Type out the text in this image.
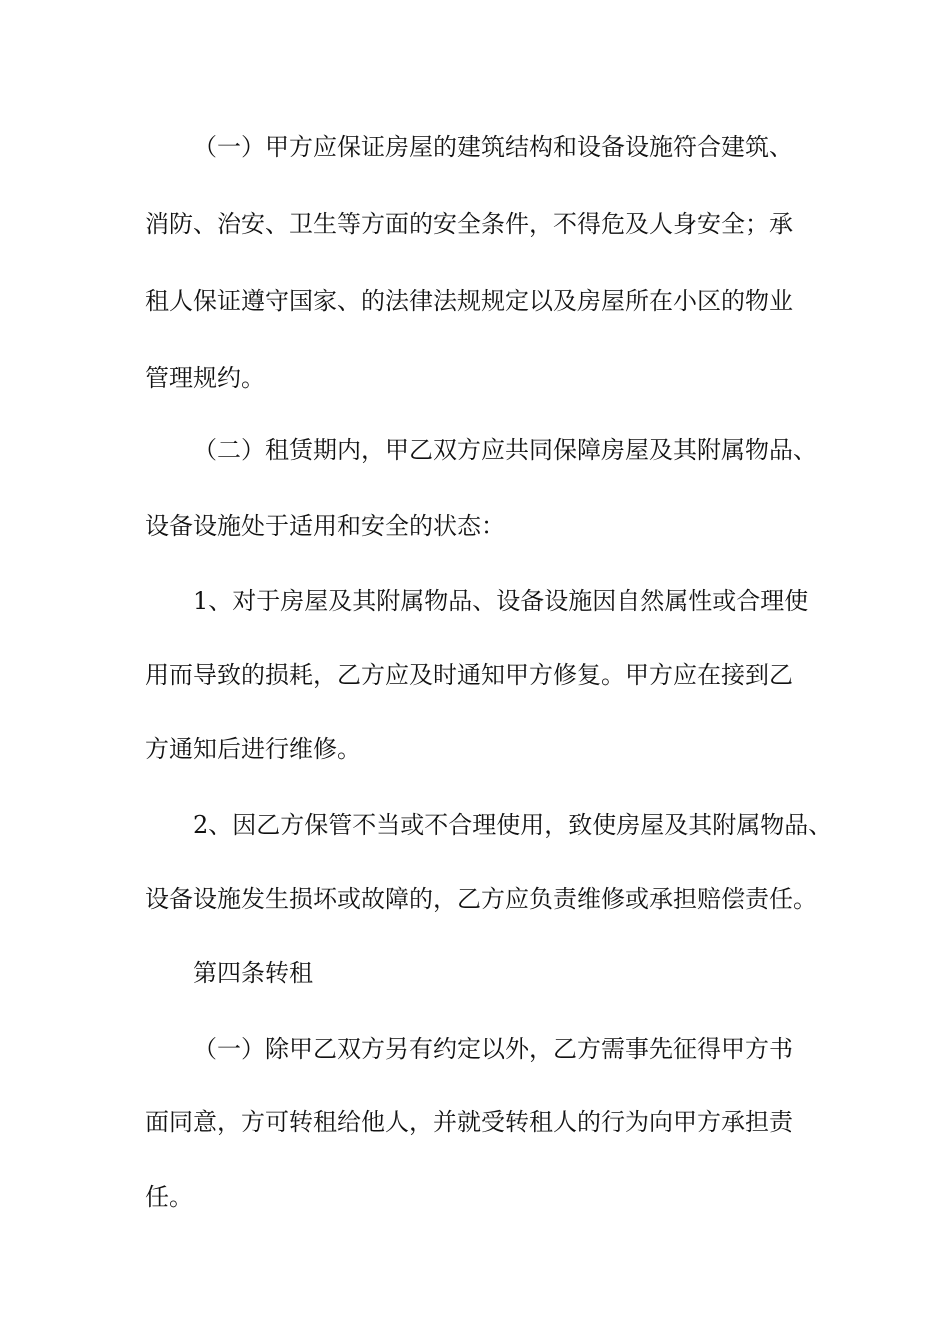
（一）甲方应保证房屋的建筑结构和设备设施符合建筑、

消防、治安、卫生等方面的安全条件，不得危及人身安全；承

租人保证遵守国家、的法律法规规定以及房屋所在小区的物业

管理规约。

（二）租赁期内，甲乙双方应共同保障房屋及其附属物品、

设备设施处于适用和安全的状态：

1、对于房屋及其附属物品、设备设施因自然属性或合理使

用而导致的损耗，乙方应及时通知甲方修复。甲方应在接到乙

方通知后进行维修。

2、因乙方保管不当或不合理使用，致使房屋及其附属物品、

设备设施发生损坏或故障的，乙方应负责维修或承担赔偿责任。

第四条转租

（一）除甲乙双方另有约定以外，乙方需事先征得甲方书

面同意，方可转租给他人，并就受转租人的行为向甲方承担责

任。
